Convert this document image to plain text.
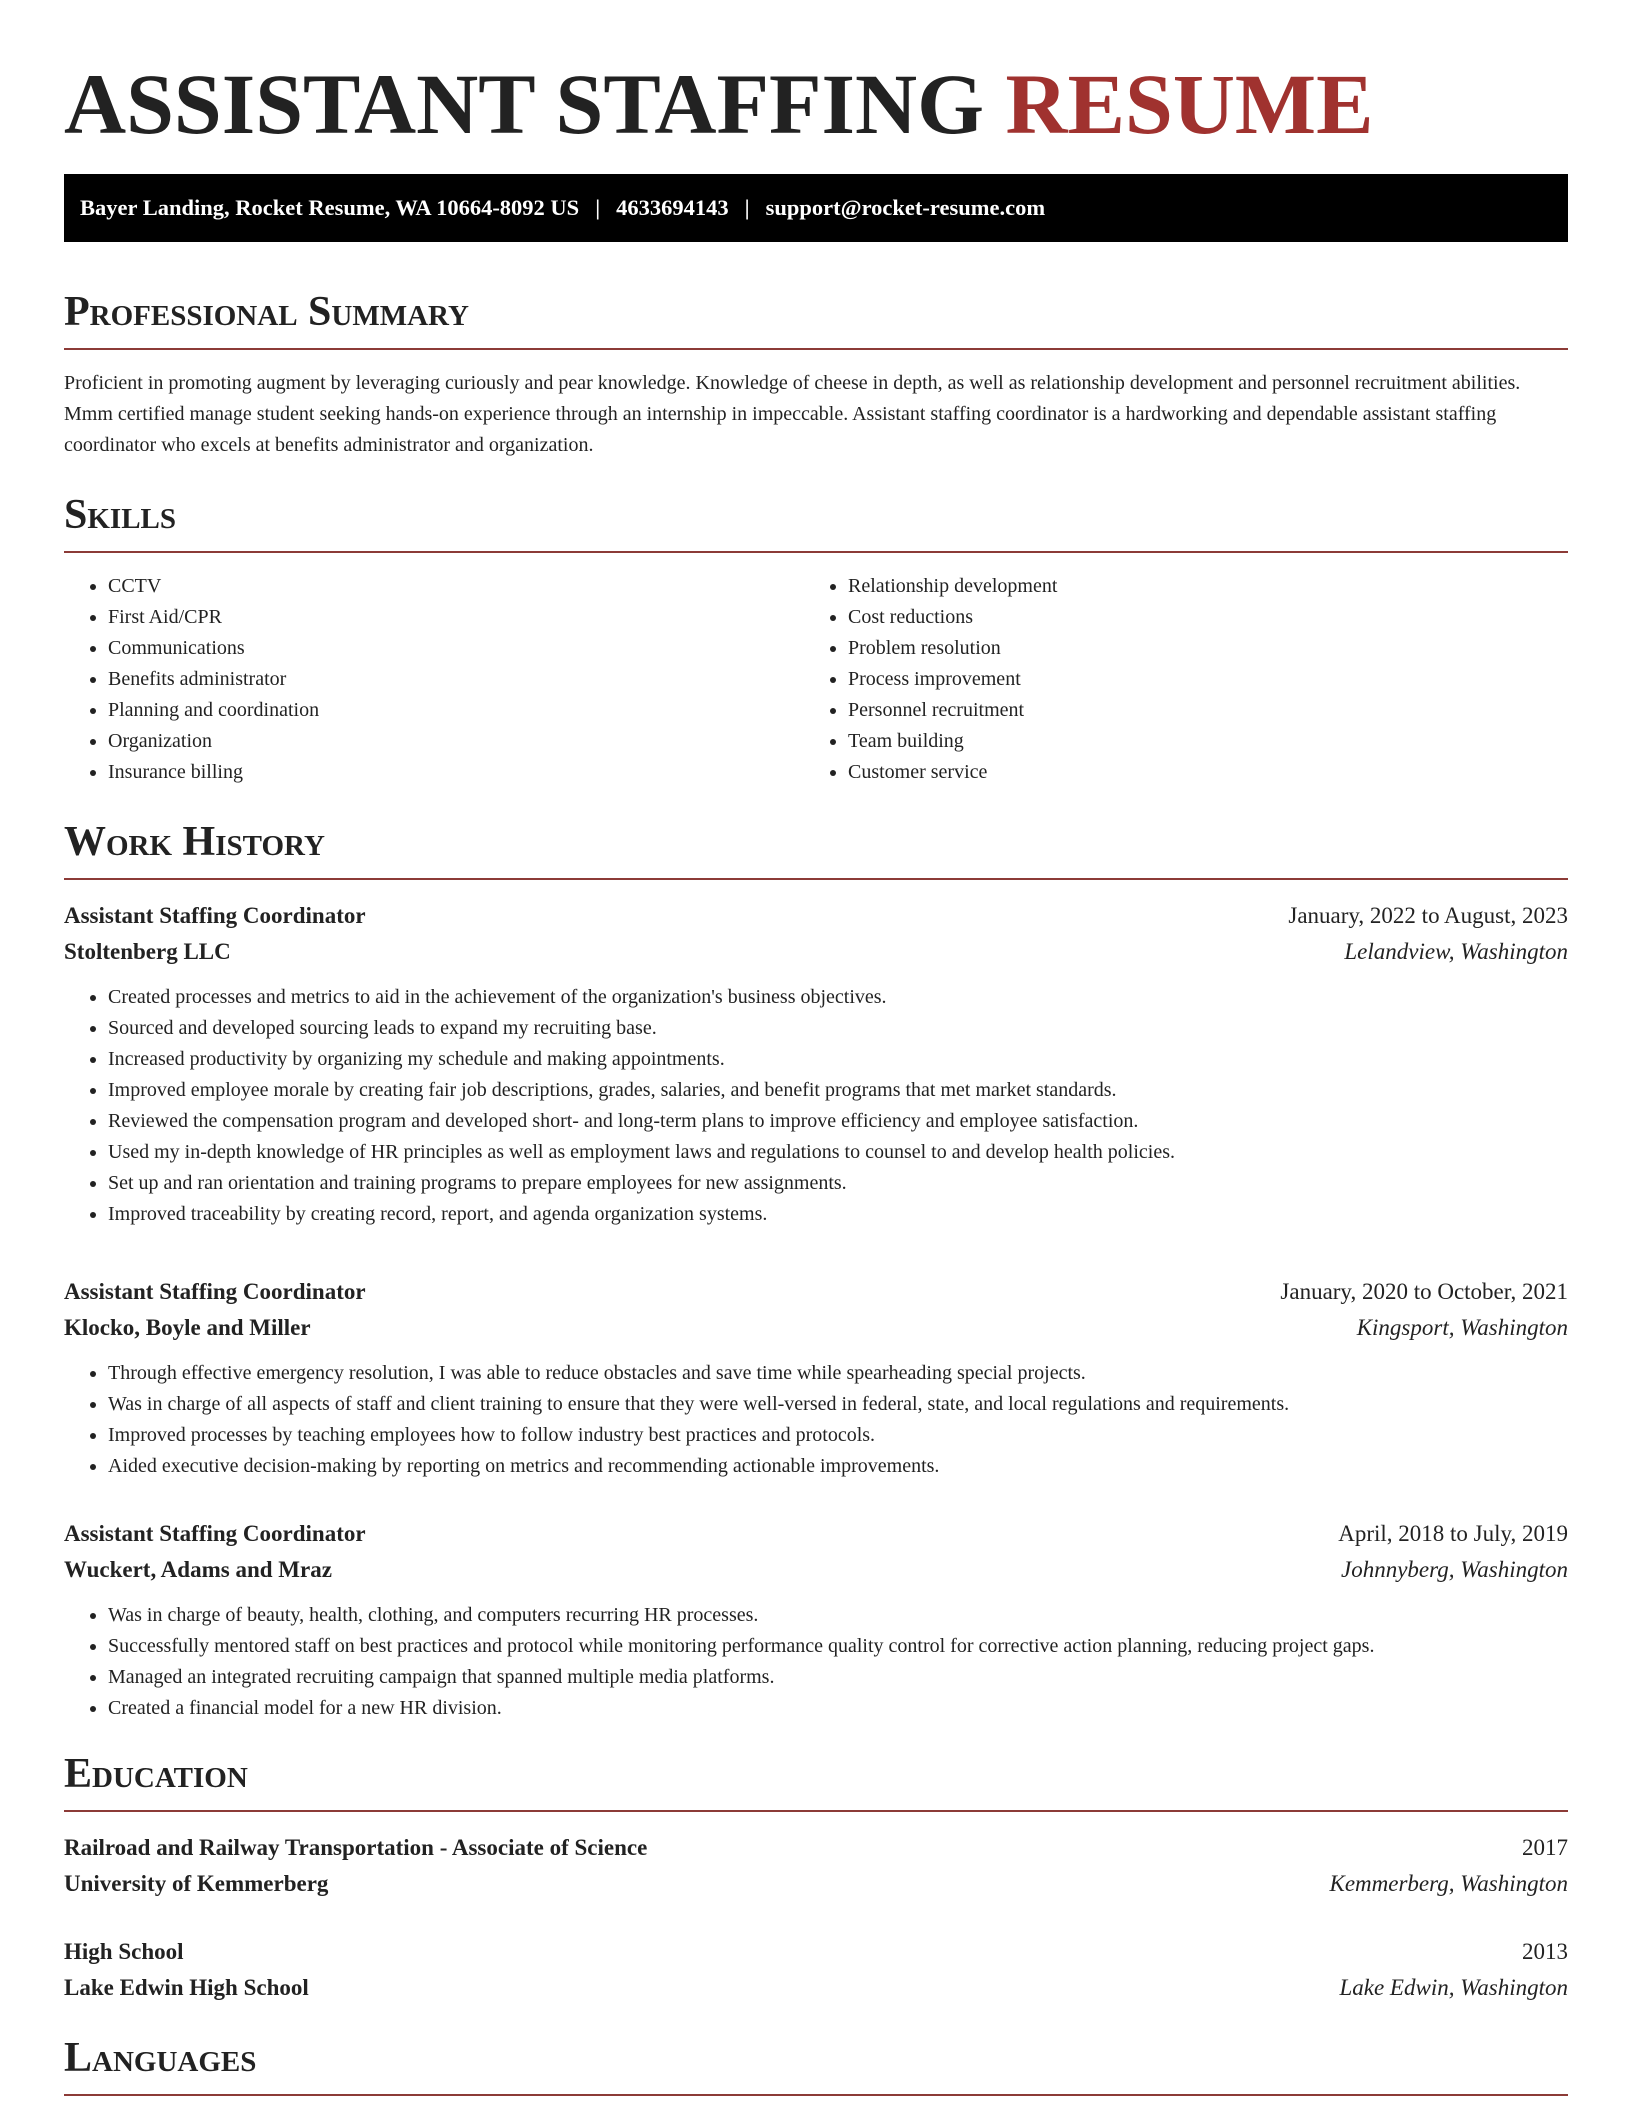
ASSISTANT STAFFING RESUME
Bayer Landing, Rocket Resume, WA 10664-8092 US | 4633694143 | support@rocket-resume.com
Professional Summary

Proficient in promoting augment by leveraging curiously and pear knowledge. Knowledge of cheese in depth, as well as relationship development and personnel recruitment abilities. Mmm certified manage student seeking hands-on experience through an internship in impeccable. Assistant staffing coordinator is a hardworking and dependable assistant staffing coordinator who excels at benefits administrator and organization.

Skills
• CCTV
• First Aid/CPR
• Communications
• Benefits administrator
• Planning and coordination
• Organization
• Insurance billing
• Relationship development
• Cost reductions
• Problem resolution
• Process improvement
• Personnel recruitment
• Team building
• Customer service
Work History
Assistant Staffing Coordinator	January, 2022 to August, 2023
Stoltenberg LLC	Lelandview, Washington
• Created processes and metrics to aid in the achievement of the organization's business objectives.
• Sourced and developed sourcing leads to expand my recruiting base.
• Increased productivity by organizing my schedule and making appointments.
• Improved employee morale by creating fair job descriptions, grades, salaries, and benefit programs that met market standards.
• Reviewed the compensation program and developed short- and long-term plans to improve efficiency and employee satisfaction.
• Used my in-depth knowledge of HR principles as well as employment laws and regulations to counsel to and develop health policies.
• Set up and ran orientation and training programs to prepare employees for new assignments.
• Improved traceability by creating record, report, and agenda organization systems.
Assistant Staffing Coordinator	January, 2020 to October, 2021
Klocko, Boyle and Miller	Kingsport, Washington
• Through effective emergency resolution, I was able to reduce obstacles and save time while spearheading special projects.
• Was in charge of all aspects of staff and client training to ensure that they were well-versed in federal, state, and local regulations and requirements.
• Improved processes by teaching employees how to follow industry best practices and protocols.
• Aided executive decision-making by reporting on metrics and recommending actionable improvements.
Assistant Staffing Coordinator	April, 2018 to July, 2019
Wuckert, Adams and Mraz	Johnnyberg, Washington
• Was in charge of beauty, health, clothing, and computers recurring HR processes.
• Successfully mentored staff on best practices and protocol while monitoring performance quality control for corrective action planning, reducing project gaps.
• Managed an integrated recruiting campaign that spanned multiple media platforms.
• Created a financial model for a new HR division.
Education
Railroad and Railway Transportation - Associate of Science	2017
University of Kemmerberg	Kemmerberg, Washington
High School	2013
Lake Edwin High School	Lake Edwin, Washington
Languages
